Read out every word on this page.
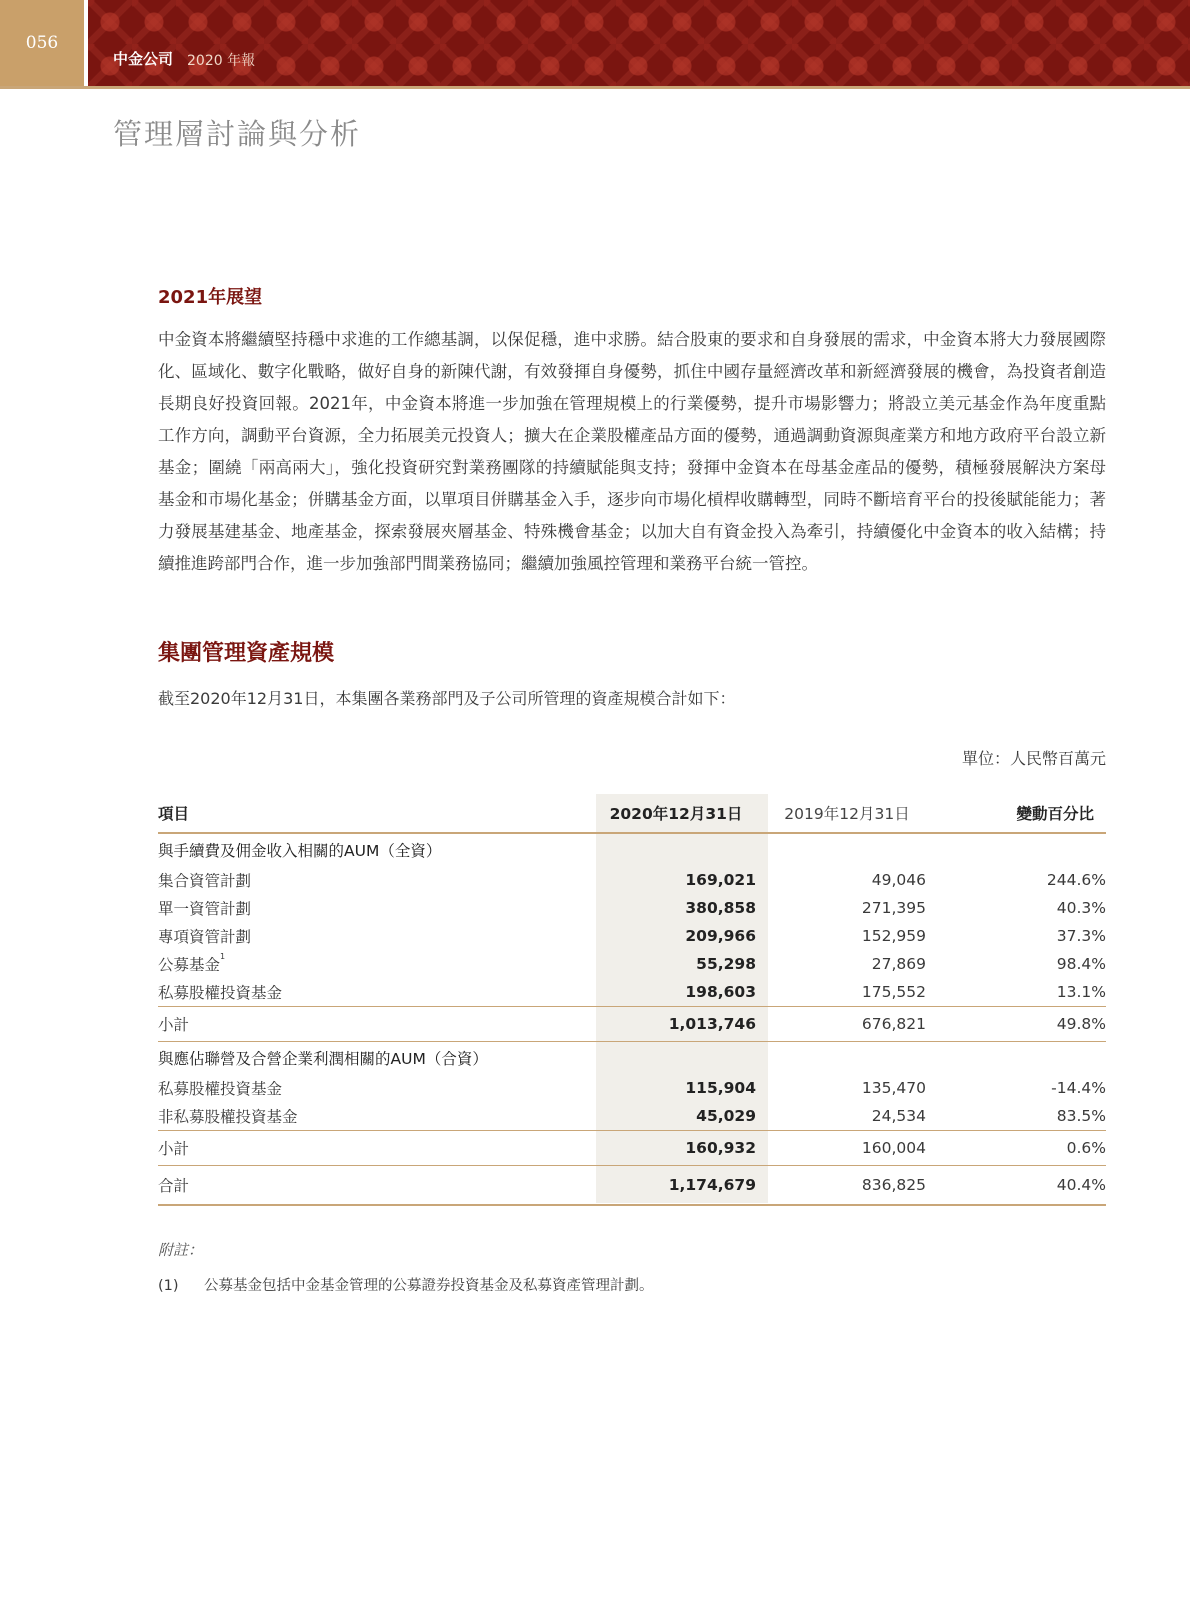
056
中金公司 2020 年報
管理層討論與分析
2021年展望
中金資本將繼續堅持穩中求進的工作總基調，以保促穩，進中求勝。結合股東的要求和自身發展的需求，中金資本將大力發展國際化、區域化、數字化戰略，做好自身的新陳代謝，有效發揮自身優勢，抓住中國存量經濟改革和新經濟發展的機會，為投資者創造長期良好投資回報。2021年，中金資本將進一步加強在管理規模上的行業優勢，提升市場影響力；將設立美元基金作為年度重點工作方向，調動平台資源，全力拓展美元投資人；擴大在企業股權產品方面的優勢，通過調動資源與產業方和地方政府平台設立新基金；圍繞「兩高兩大」，強化投資研究對業務團隊的持續賦能與支持；發揮中金資本在母基金產品的優勢，積極發展解決方案母基金和市場化基金；併購基金方面，以單項目併購基金入手，逐步向市場化槓桿收購轉型，同時不斷培育平台的投後賦能能力；著力發展基建基金、地產基金，探索發展夾層基金、特殊機會基金；以加大自有資金投入為牽引，持續優化中金資本的收入結構；持續推進跨部門合作，進一步加強部門間業務協同；繼續加強風控管理和業務平台統一管控。
集團管理資產規模
截至2020年12月31日，本集團各業務部門及子公司所管理的資產規模合計如下：
單位：人民幣百萬元
項目	2020年12月31日	2019年12月31日	變動百分比
與手續費及佣金收入相關的AUM（全資）			
集合資管計劃	169,021	49,046	244.6%
單一資管計劃	380,858	271,395	40.3%
專項資管計劃	209,966	152,959	37.3%
公募基金$^1$	55,298	27,869	98.4%
私募股權投資基金	198,603	175,552	13.1%
小計	1,013,746	676,821	49.8%
與應佔聯營及合營企業利潤相關的AUM（合資）			
私募股權投資基金	115,904	135,470	-14.4%
非私募股權投資基金	45,029	24,534	83.5%
小計	160,932	160,004	0.6%
合計	1,174,679	836,825	40.4%
附註：
(1) 公募基金包括中金基金管理的公募證券投資基金及私募資產管理計劃。
